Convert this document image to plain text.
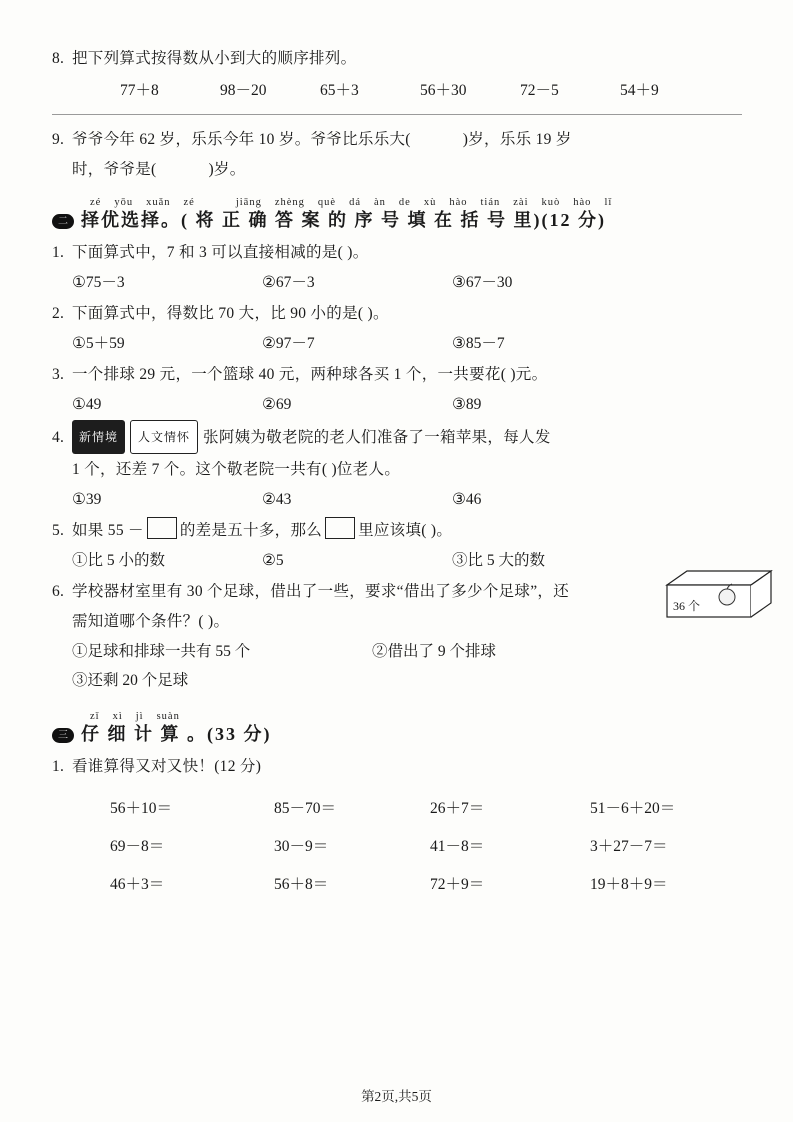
8. 把下列算式按得数从小到大的顺序排列。
77＋8	98－20	65＋3	56＋30	72－5	54＋9
9. 爷爷今年 62 岁，乐乐今年 10 岁。爷爷比乐乐大(	)岁，乐乐 19 岁
时，爷爷是(	)岁。
zé yōu xuǎn zé	jiāng zhèng què dá àn de xù hào tián zài kuò hào lǐ
二 择优选择。( 将 正 确 答 案 的 序 号 填 在 括 号 里)(12 分)
1. 下面算式中，7 和 3 可以直接相减的是( )。
①75－3	②67－3	③67－30
2. 下面算式中，得数比 70 大，比 90 小的是( )。
①5＋59	②97－7	③85－7
3. 一个排球 29 元，一个篮球 40 元，两种球各买 1 个，一共要花( )元。
①49	②69	③89
4. 新情境 人文情怀 张阿姨为敬老院的老人们准备了一箱苹果，每人发
1 个，还差 7 个。这个敬老院一共有( )位老人。
①39	②43	③46
5. 如果 55 － 的差是五十多，那么 里应该填( )。
①比 5 小的数	②5	③比 5 大的数
6. 学校器材室里有 30 个足球，借出了一些，要求“借出了多少个足球”，还
需知道哪个条件？( )。
①足球和排球一共有 55 个	②借出了 9 个排球
③还剩 20 个足球
zǐ xì jì suàn
三 仔 细 计 算 。(33 分)
1. 看谁算得又对又快！(12 分)
56＋10＝	85－70＝	26＋7＝	51－6＋20＝
69－8＝	30－9＝	41－8＝	3＋27－7＝
46＋3＝	56＋8＝	72＋9＝	19＋8＋9＝
36 个
第2页,共5页
